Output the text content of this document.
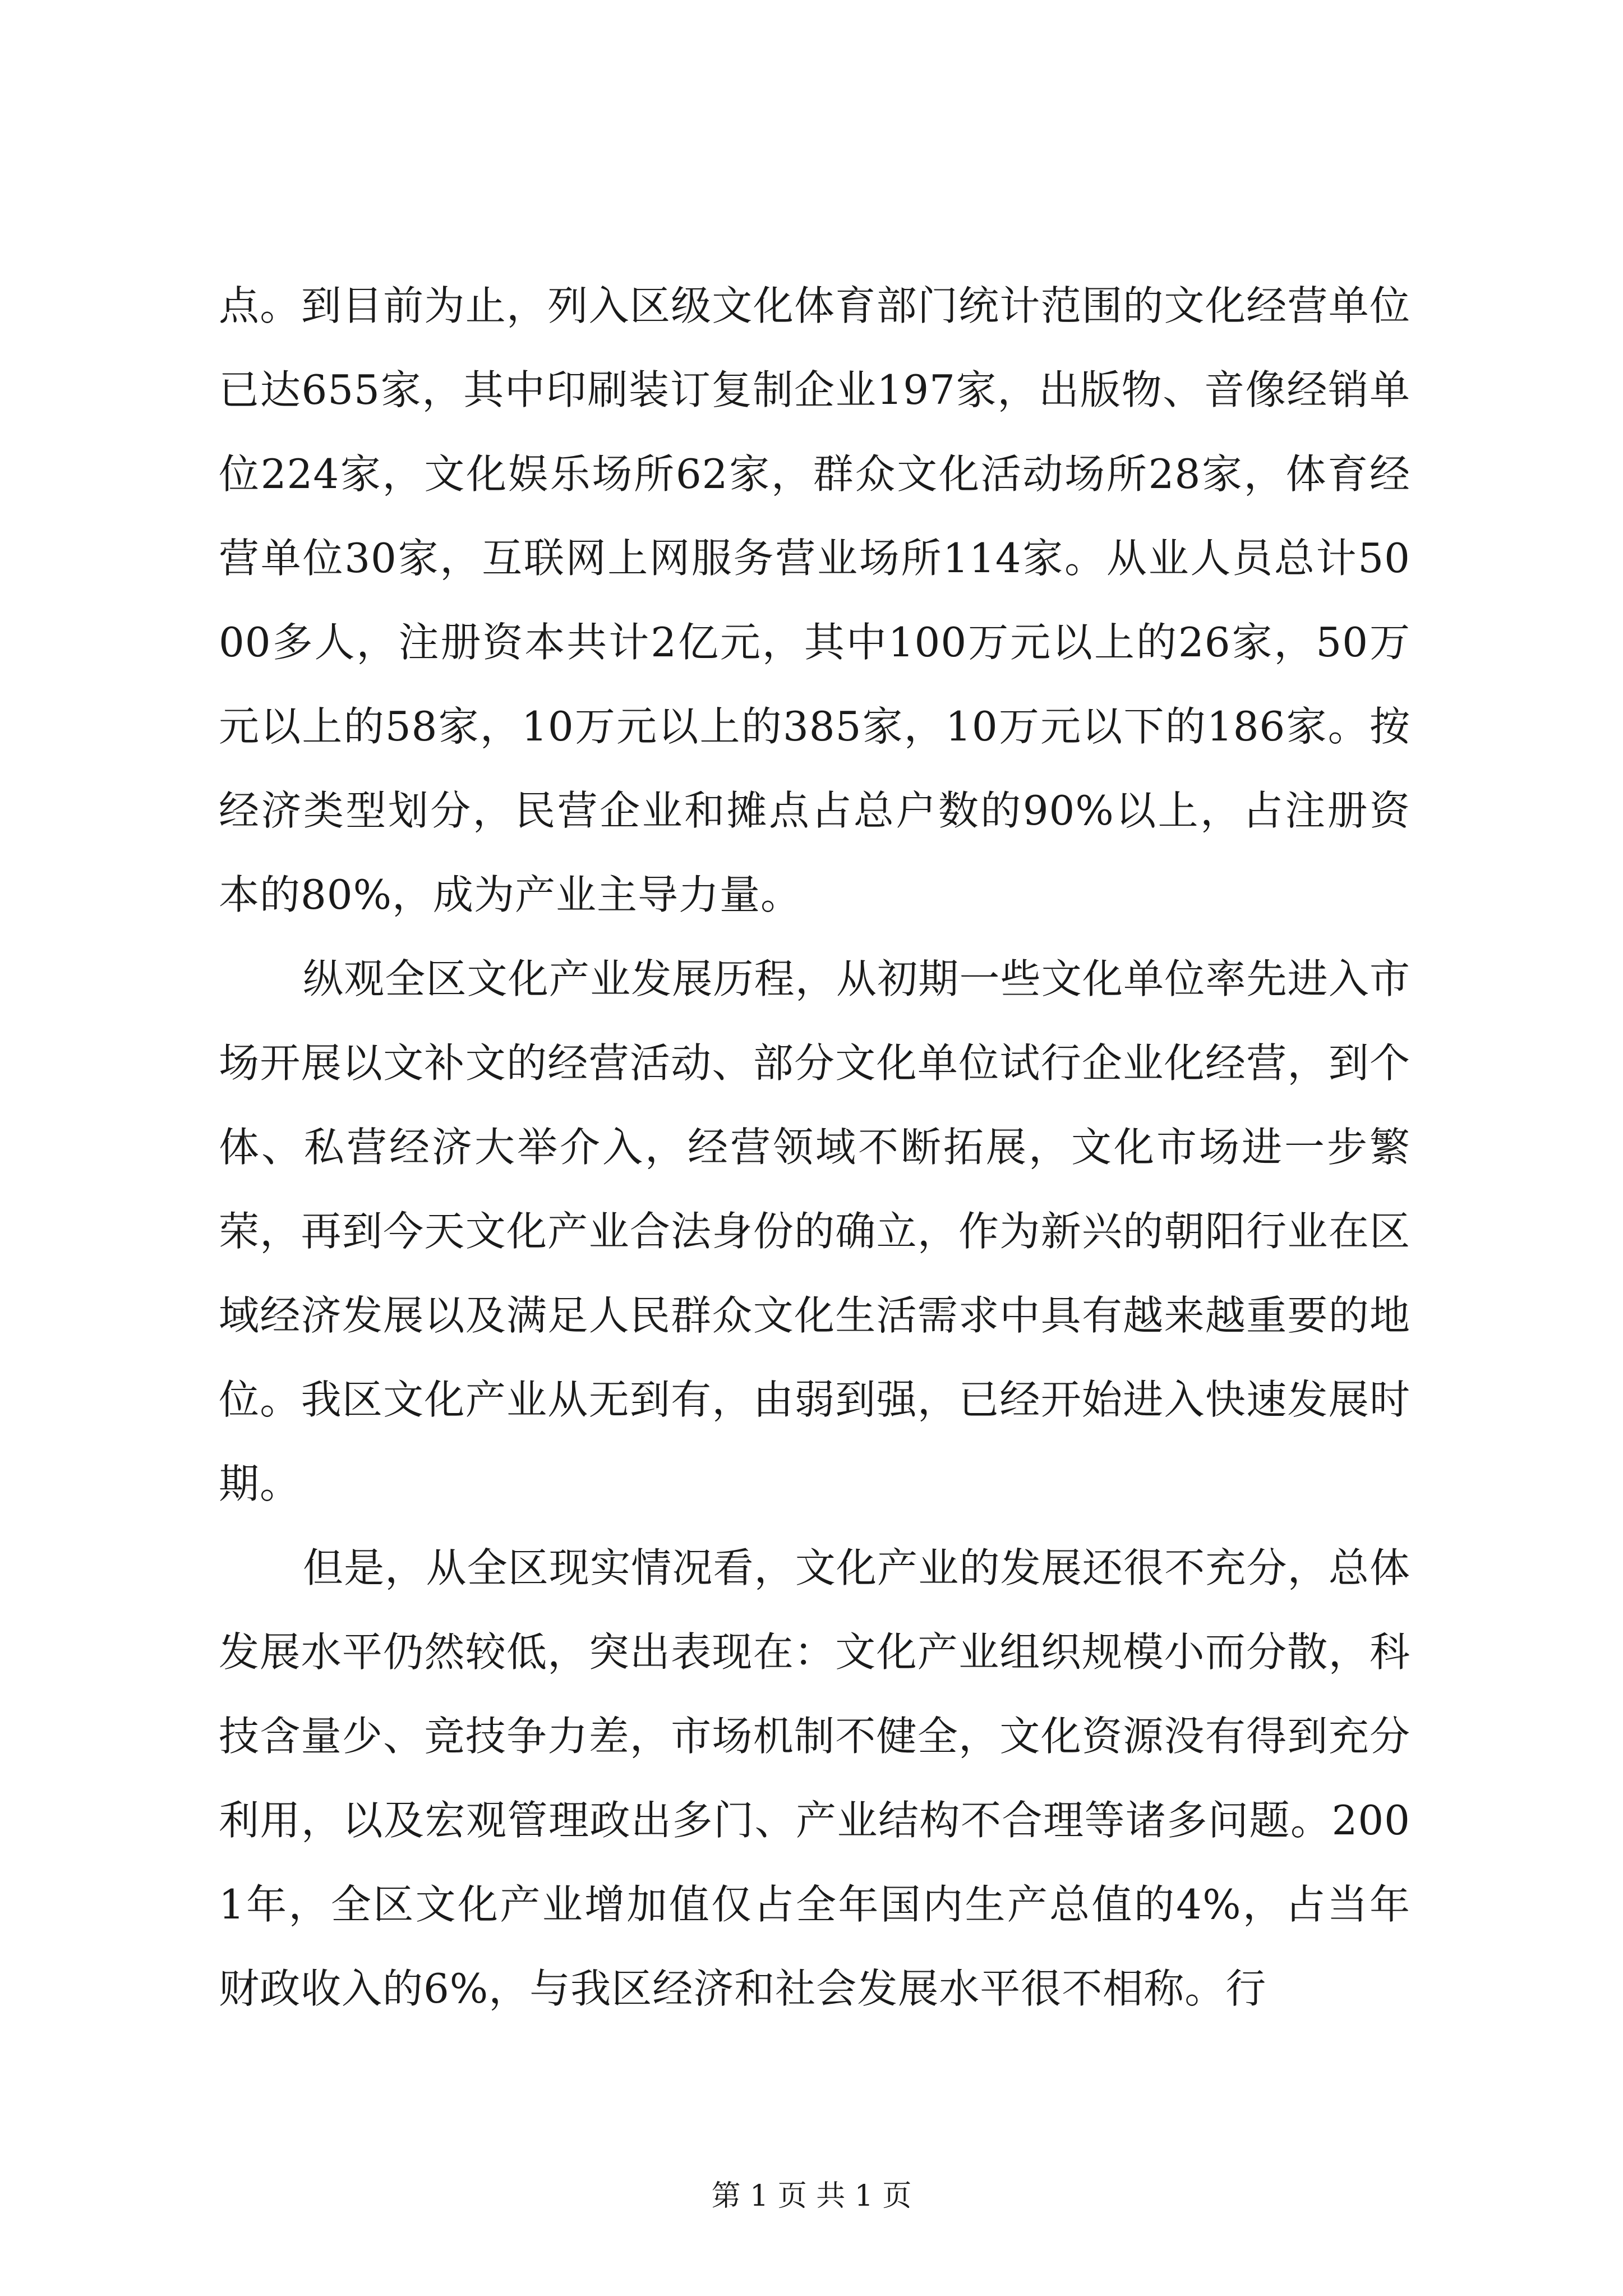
点。到目前为止，列入区级文化体育部门统计范围的文化经营单位已达655家，其中印刷装订复制企业197家，出版物、音像经销单位224家，文化娱乐场所62家，群众文化活动场所28家，体育经营单位30家，互联网上网服务营业场所114家。从业人员总计5000多人，注册资本共计2亿元，其中100万元以上的26家，50万元以上的58家，10万元以上的385家，10万元以下的186家。按经济类型划分，民营企业和摊点占总户数的90%以上，占注册资本的80%，成为产业主导力量。

纵观全区文化产业发展历程，从初期一些文化单位率先进入市场开展以文补文的经营活动、部分文化单位试行企业化经营，到个体、私营经济大举介入，经营领域不断拓展，文化市场进一步繁荣，再到今天文化产业合法身份的确立，作为新兴的朝阳行业在区域经济发展以及满足人民群众文化生活需求中具有越来越重要的地位。我区文化产业从无到有，由弱到强，已经开始进入快速发展时期。

但是，从全区现实情况看，文化产业的发展还很不充分，总体发展水平仍然较低，突出表现在：文化产业组织规模小而分散，科技含量少、竞技争力差，市场机制不健全，文化资源没有得到充分利用，以及宏观管理政出多门、产业结构不合理等诸多问题。2001年，全区文化产业增加值仅占全年国内生产总值的4%，占当年财政收入的6%，与我区经济和社会发展水平很不相称。行

第 1 页 共 1 页
